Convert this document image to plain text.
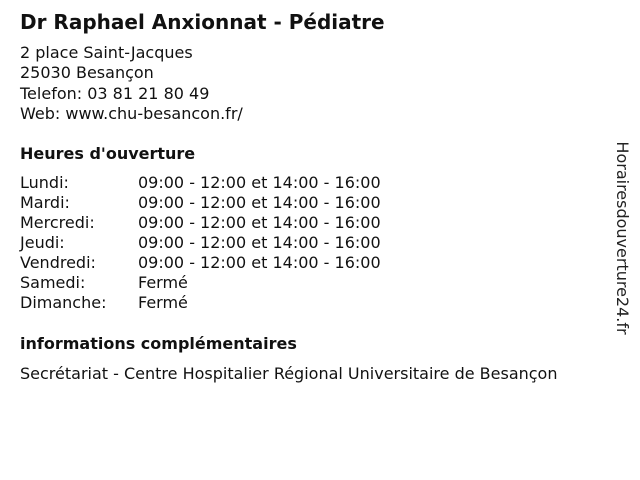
Dr Raphael Anxionnat - Pédiatre
2 place Saint-Jacques
25030 Besançon
Telefon: 03 81 21 80 49
Web: www.chu-besancon.fr/
Heures d'ouverture
Lundi:	09:00 - 12:00 et 14:00 - 16:00
Mardi:	09:00 - 12:00 et 14:00 - 16:00
Mercredi:	09:00 - 12:00 et 14:00 - 16:00
Jeudi:	09:00 - 12:00 et 14:00 - 16:00
Vendredi:	09:00 - 12:00 et 14:00 - 16:00
Samedi:	Fermé
Dimanche:	Fermé
informations complémentaires
Secrétariat - Centre Hospitalier Régional Universitaire de Besançon
Horairesdouverture24.fr
